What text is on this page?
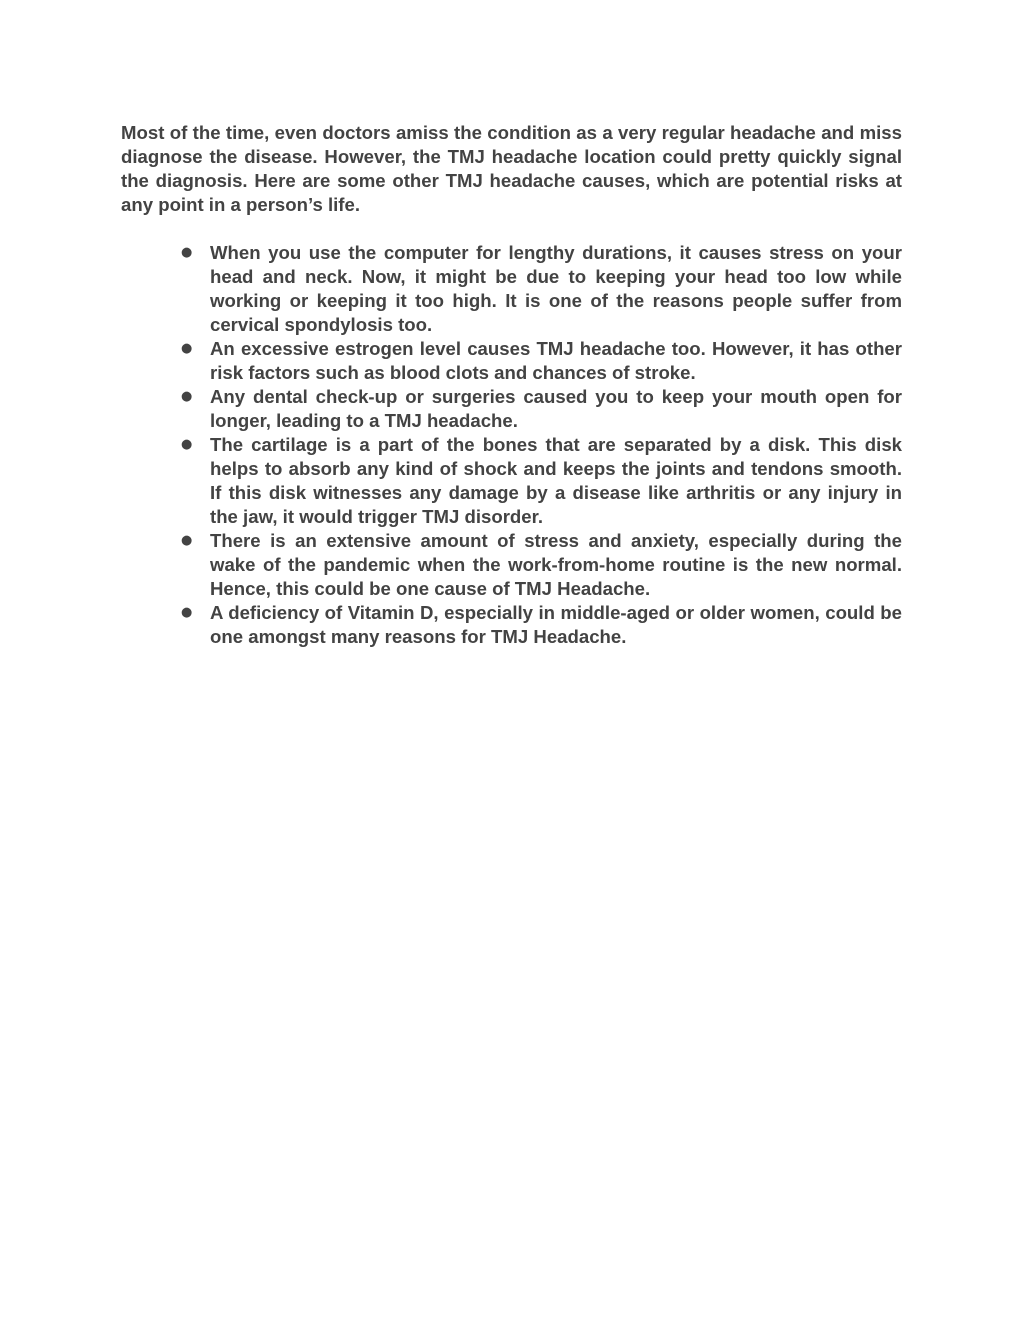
Most of the time, even doctors amiss the condition as a very regular headache and miss diagnose the disease. However, the TMJ headache location could pretty quickly signal the diagnosis. Here are some other TMJ headache causes, which are potential risks at any point in a person’s life.

● When you use the computer for lengthy durations, it causes stress on your head and neck. Now, it might be due to keeping your head too low while working or keeping it too high. It is one of the reasons people suffer from cervical spondylosis too.
● An excessive estrogen level causes TMJ headache too. However, it has other risk factors such as blood clots and chances of stroke.
● Any dental check-up or surgeries caused you to keep your mouth open for longer, leading to a TMJ headache.
● The cartilage is a part of the bones that are separated by a disk. This disk helps to absorb any kind of shock and keeps the joints and tendons smooth. If this disk witnesses any damage by a disease like arthritis or any injury in the jaw, it would trigger TMJ disorder.
● There is an extensive amount of stress and anxiety, especially during the wake of the pandemic when the work-from-home routine is the new normal. Hence, this could be one cause of TMJ Headache.
● A deficiency of Vitamin D, especially in middle-aged or older women, could be one amongst many reasons for TMJ Headache.
